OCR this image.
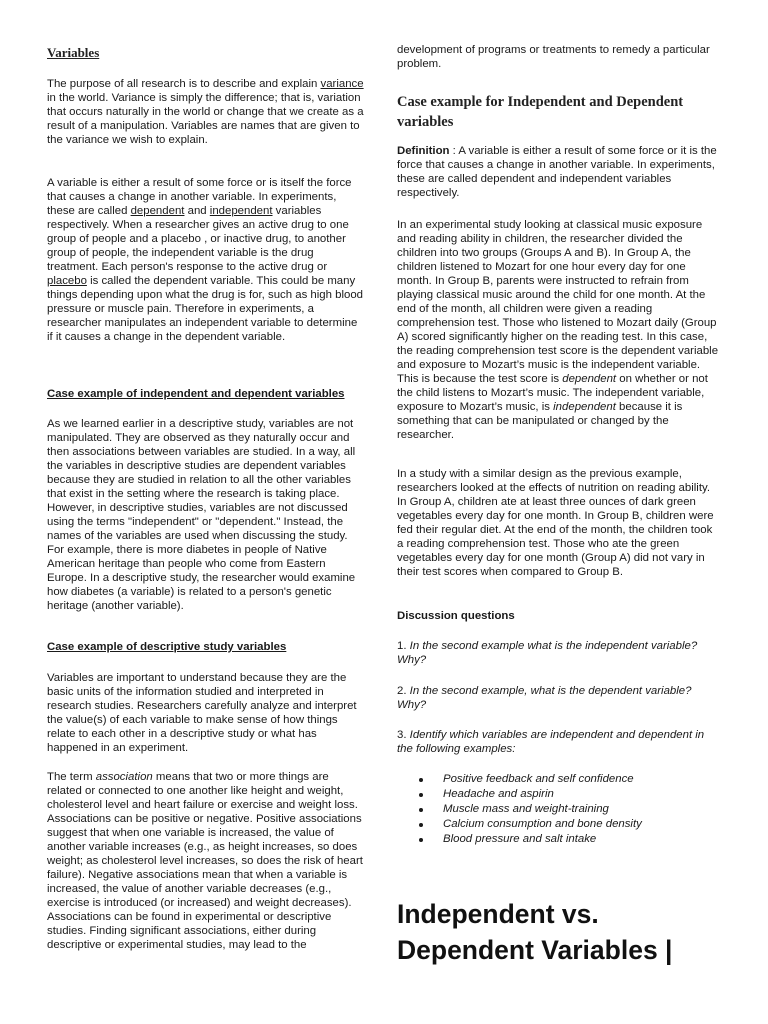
Variables

The purpose of all research is to describe and explain variance in the world. Variance is simply the difference; that is, variation that occurs naturally in the world or change that we create as a result of a manipulation. Variables are names that are given to the variance we wish to explain.

A variable is either a result of some force or is itself the force that causes a change in another variable. In experiments, these are called dependent and independent variables respectively. When a researcher gives an active drug to one group of people and a placebo , or inactive drug, to another group of people, the independent variable is the drug treatment. Each person's response to the active drug or placebo is called the dependent variable. This could be many things depending upon what the drug is for, such as high blood pressure or muscle pain. Therefore in experiments, a researcher manipulates an independent variable to determine if it causes a change in the dependent variable.

Case example of independent and dependent variables

As we learned earlier in a descriptive study, variables are not manipulated. They are observed as they naturally occur and then associations between variables are studied. In a way, all the variables in descriptive studies are dependent variables because they are studied in relation to all the other variables that exist in the setting where the research is taking place. However, in descriptive studies, variables are not discussed using the terms "independent" or "dependent." Instead, the names of the variables are used when discussing the study. For example, there is more diabetes in people of Native American heritage than people who come from Eastern Europe. In a descriptive study, the researcher would examine how diabetes (a variable) is related to a person's genetic heritage (another variable).

Case example of descriptive study variables

Variables are important to understand because they are the basic units of the information studied and interpreted in research studies. Researchers carefully analyze and interpret the value(s) of each variable to make sense of how things relate to each other in a descriptive study or what has happened in an experiment.

The term association means that two or more things are related or connected to one another like height and weight, cholesterol level and heart failure or exercise and weight loss. Associations can be positive or negative. Positive associations suggest that when one variable is increased, the value of another variable increases (e.g., as height increases, so does weight; as cholesterol level increases, so does the risk of heart failure). Negative associations mean that when a variable is increased, the value of another variable decreases (e.g., exercise is introduced (or increased) and weight decreases). Associations can be found in experimental or descriptive studies. Finding significant associations, either during descriptive or experimental studies, may lead to the

development of programs or treatments to remedy a particular problem.

Case example for Independent and Dependent variables

Definition : A variable is either a result of some force or it is the force that causes a change in another variable. In experiments, these are called dependent and independent variables respectively.

In an experimental study looking at classical music exposure and reading ability in children, the researcher divided the children into two groups (Groups A and B). In Group A, the children listened to Mozart for one hour every day for one month. In Group B, parents were instructed to refrain from playing classical music around the child for one month. At the end of the month, all children were given a reading comprehension test. Those who listened to Mozart daily (Group A) scored significantly higher on the reading test. In this case, the reading comprehension test score is the dependent variable and exposure to Mozart’s music is the independent variable. This is because the test score is dependent on whether or not the child listens to Mozart’s music. The independent variable, exposure to Mozart’s music, is independent because it is something that can be manipulated or changed by the researcher.

In a study with a similar design as the previous example, researchers looked at the effects of nutrition on reading ability. In Group A, children ate at least three ounces of dark green vegetables every day for one month. In Group B, children were fed their regular diet. At the end of the month, the children took a reading comprehension test. Those who ate the green vegetables every day for one month (Group A) did not vary in their test scores when compared to Group B.

Discussion questions

1. In the second example what is the independent variable? Why?

2. In the second example, what is the dependent variable? Why?

3. Identify which variables are independent and dependent in the following examples:

Positive feedback and self confidence
Headache and aspirin
Muscle mass and weight-training
Calcium consumption and bone density
Blood pressure and salt intake
Independent vs. Dependent Variables |
